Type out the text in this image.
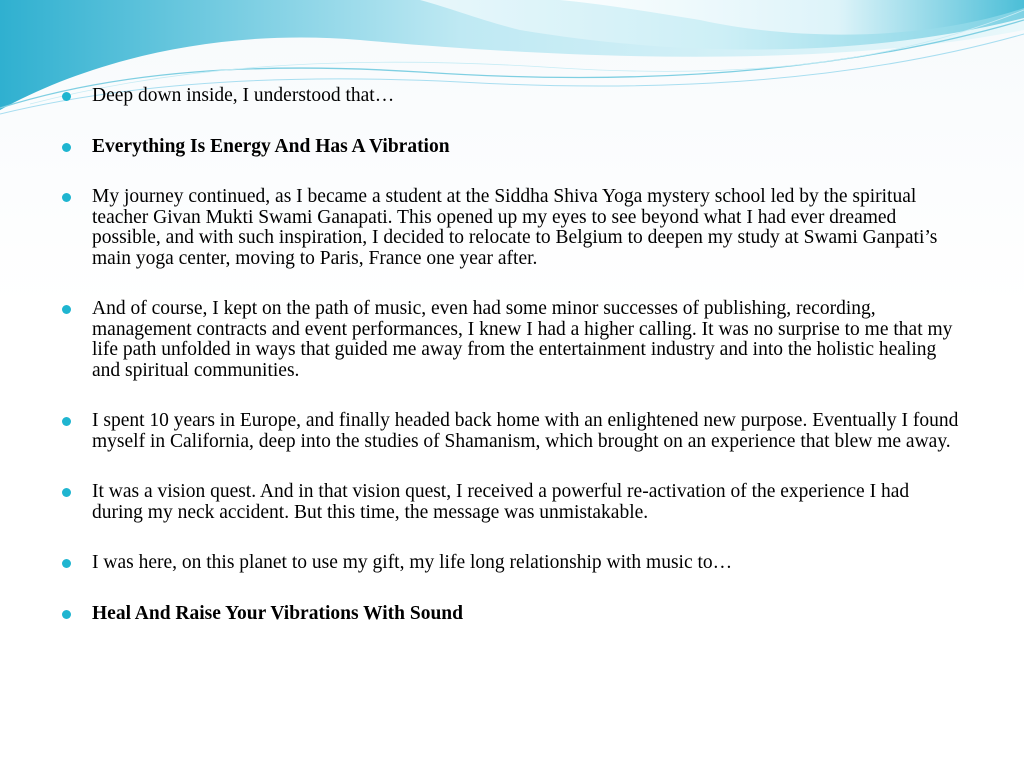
Deep down inside, I understood that…
Everything Is Energy And Has A Vibration
My journey continued, as I became a student at the Siddha Shiva Yoga mystery school led by the spiritual teacher Givan Mukti Swami Ganapati. This opened up my eyes to see beyond what I had ever dreamed possible, and with such inspiration, I decided to relocate to Belgium to deepen my study at Swami Ganpati’s main yoga center, moving to Paris, France one year after.
And of course, I kept on the path of music, even had some minor successes of publishing, recording, management contracts and event performances, I knew I had a higher calling. It was no surprise to me that my life path unfolded in ways that guided me away from the entertainment industry and into the holistic healing and spiritual communities.
I spent 10 years in Europe, and finally headed back home with an enlightened new purpose. Eventually I found myself in California, deep into the studies of Shamanism, which brought on an experience that blew me away.
It was a vision quest. And in that vision quest, I received a powerful re-activation of the experience I had during my neck accident. But this time, the message was unmistakable.
I was here, on this planet to use my gift, my life long relationship with music to…
Heal And Raise Your Vibrations With Sound
